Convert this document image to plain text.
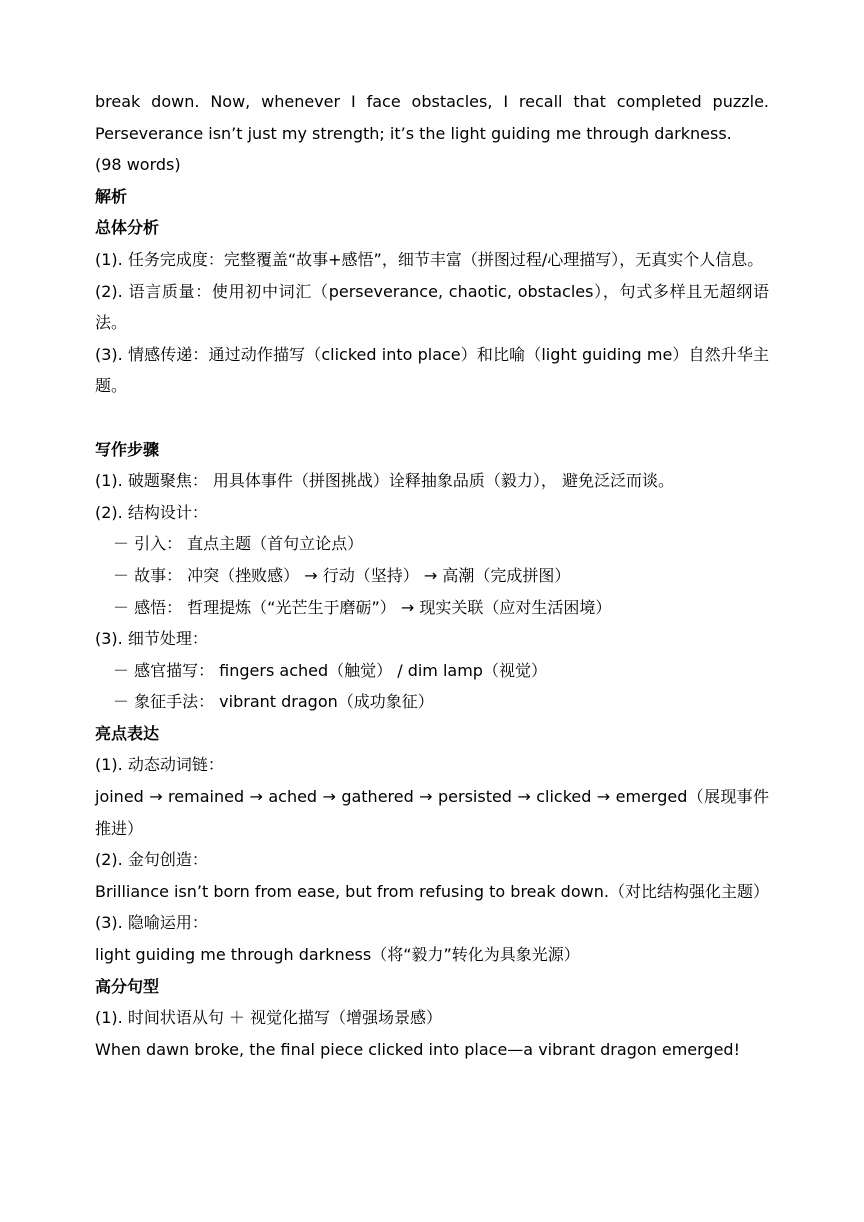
break down. Now, whenever I face obstacles, I recall that completed puzzle. Perseverance isn’t just my strength; it’s the light guiding me through darkness.

(98 words)

解析

总体分析

(1). 任务完成度：完整覆盖“故事+感悟”，细节丰富（拼图过程/心理描写），无真实个人信息。

(2). 语言质量：使用初中词汇（perseverance, chaotic, obstacles），句式多样且无超纲语法。

(3). 情感传递：通过动作描写（clicked into place）和比喻（light guiding me）自然升华主题。

写作步骤

(1). 破题聚焦： 用具体事件（拼图挑战）诠释抽象品质（毅力）， 避免泛泛而谈。

(2). 结构设计：

－ 引入： 直点主题（首句立论点）

－ 故事： 冲突（挫败感） → 行动（坚持） → 高潮（完成拼图）

－ 感悟： 哲理提炼（“光芒生于磨砺”） → 现实关联（应对生活困境）

(3). 细节处理：

－ 感官描写： fingers ached（触觉） / dim lamp（视觉）

－ 象征手法： vibrant dragon（成功象征）

亮点表达

(1). 动态动词链：

joined → remained → ached → gathered → persisted → clicked → emerged（展现事件推进）

(2). 金句创造：

Brilliance isn’t born from ease, but from refusing to break down.（对比结构强化主题）

(3). 隐喻运用：

light guiding me through darkness（将“毅力”转化为具象光源）

高分句型

(1). 时间状语从句 ＋ 视觉化描写（增强场景感）

When dawn broke, the final piece clicked into place—a vibrant dragon emerged!
